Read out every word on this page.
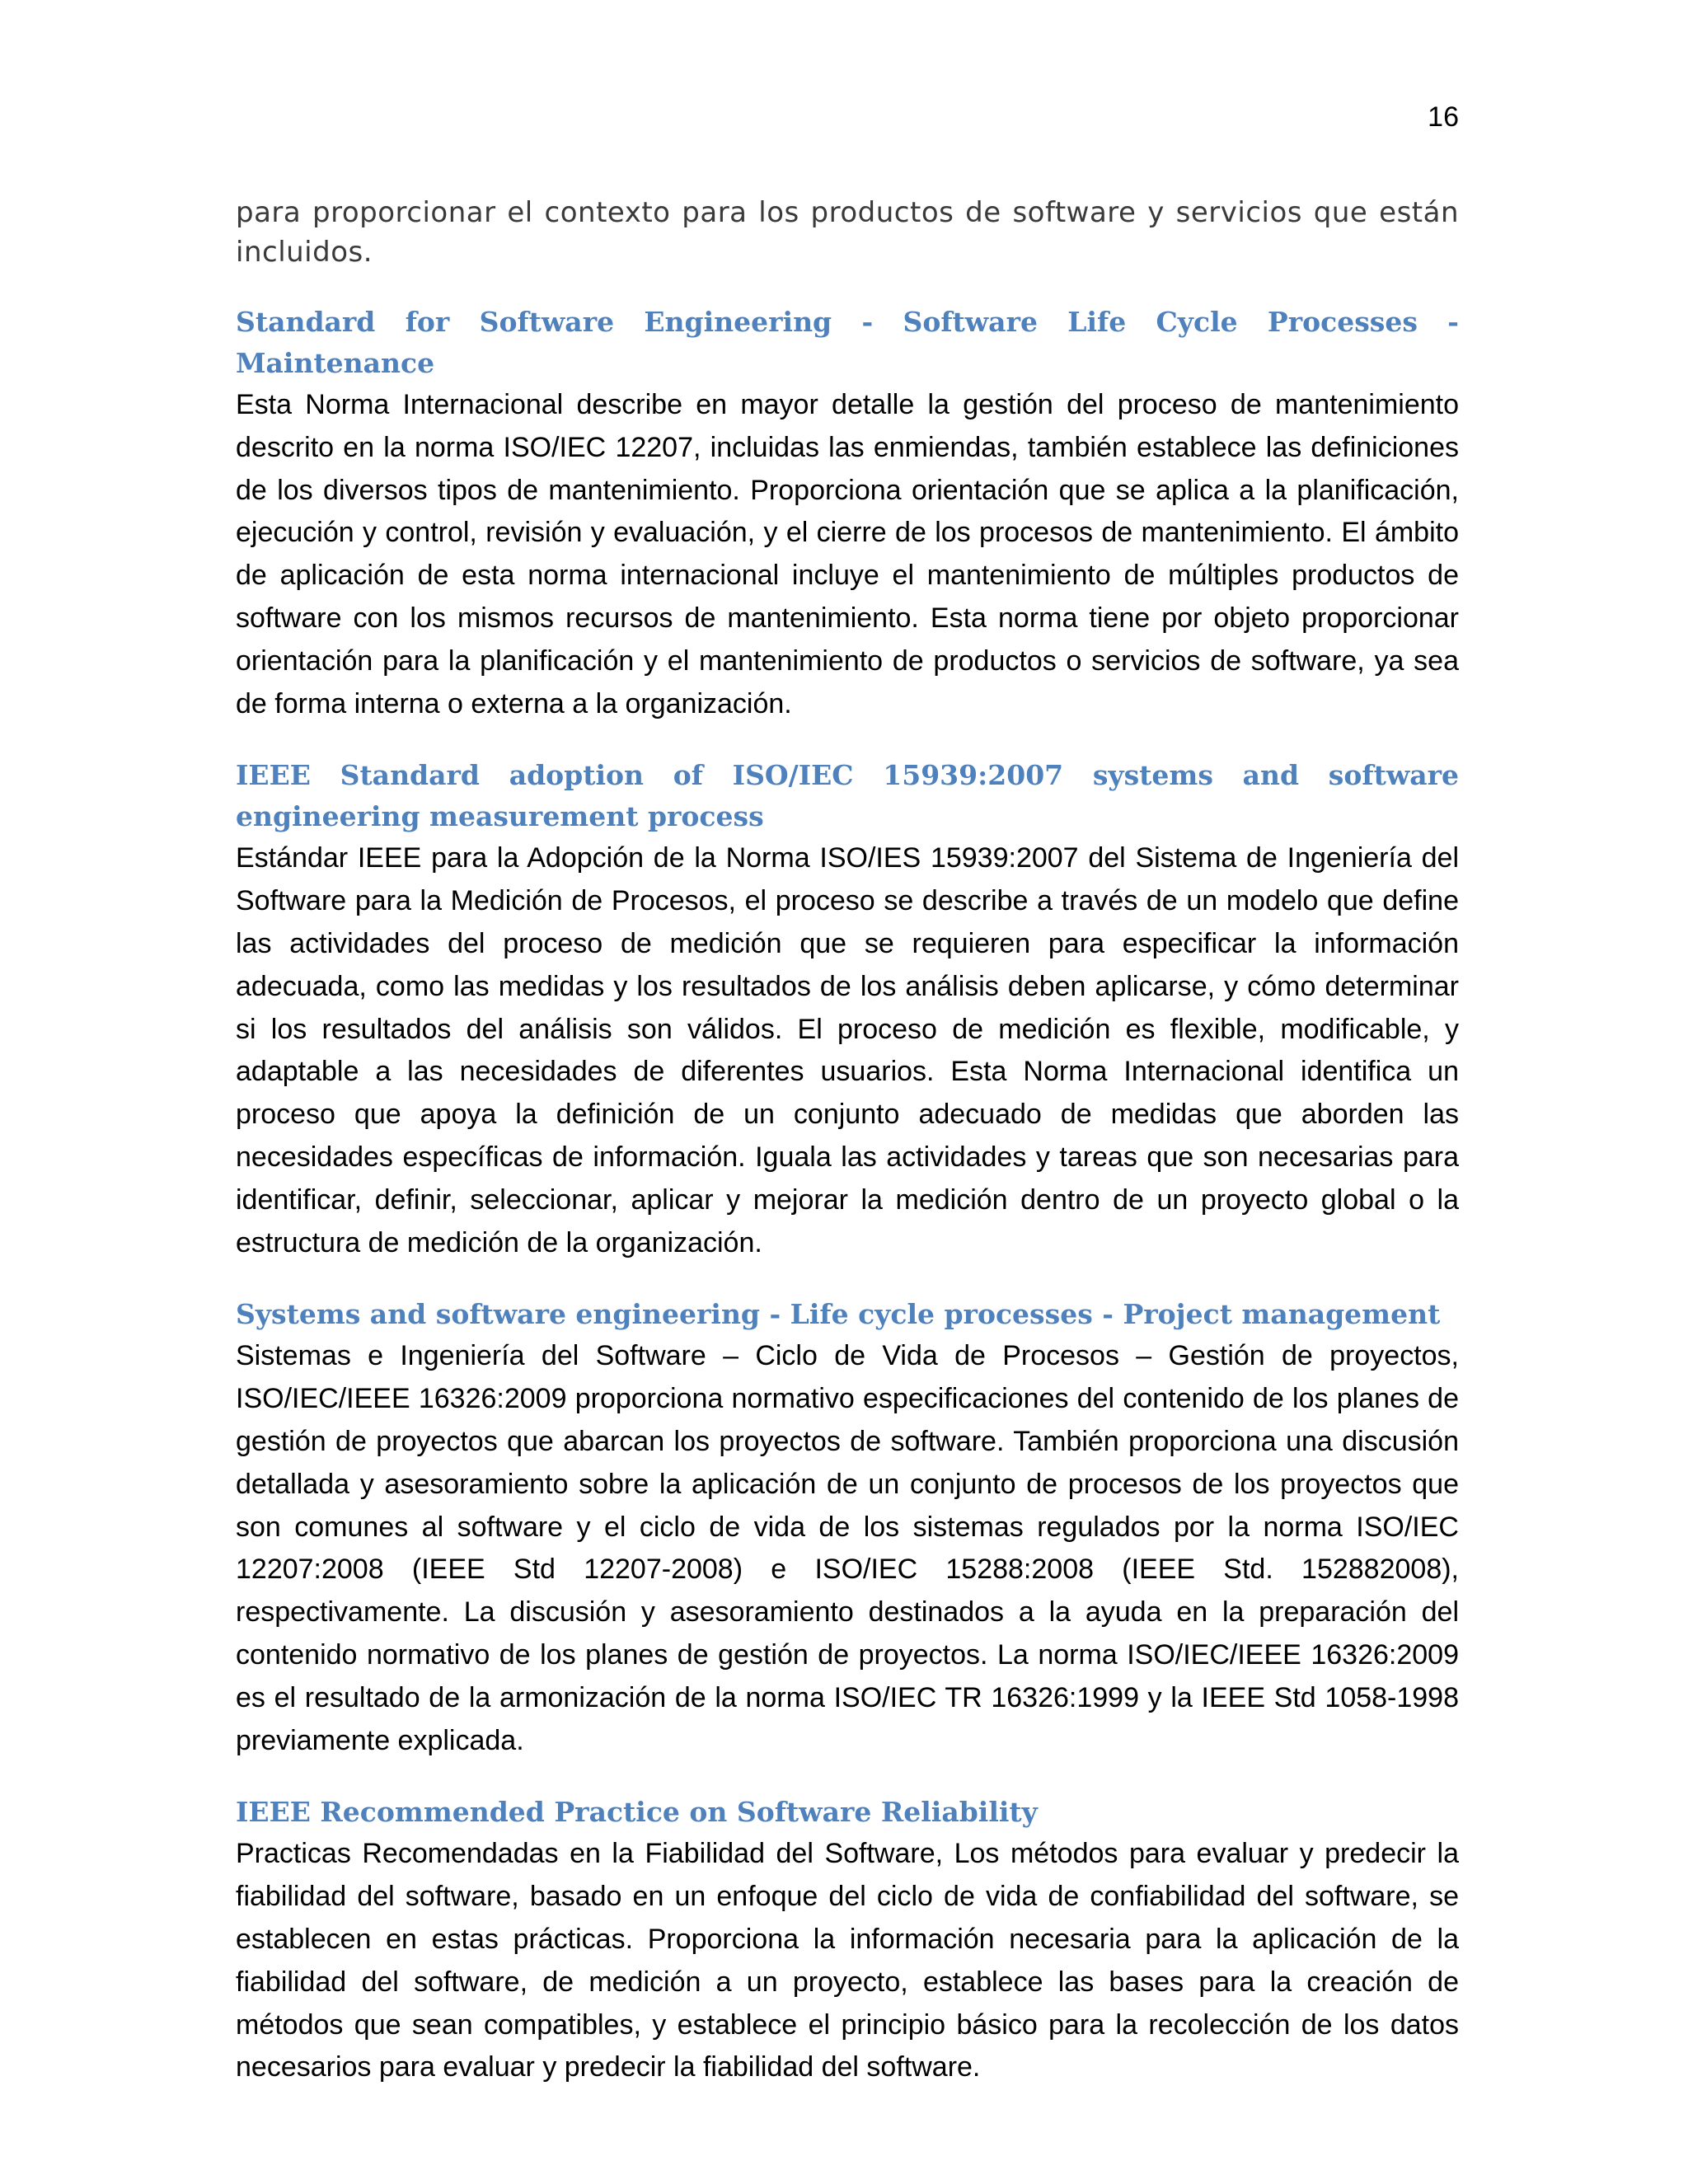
16

para proporcionar el contexto para los productos de software y servicios que están incluidos.

Standard for Software Engineering - Software Life Cycle Processes - Maintenance

Esta Norma Internacional describe en mayor detalle la gestión del proceso de mantenimiento descrito en la norma ISO/IEC 12207, incluidas las enmiendas, también establece las definiciones de los diversos tipos de mantenimiento. Proporciona orientación que se aplica a la planificación, ejecución y control, revisión y evaluación, y el cierre de los procesos de mantenimiento. El ámbito de aplicación de esta norma internacional incluye el mantenimiento de múltiples productos de software con los mismos recursos de mantenimiento. Esta norma tiene por objeto proporcionar orientación para la planificación y el mantenimiento de productos o servicios de software, ya sea de forma interna o externa a la organización.

IEEE Standard adoption of ISO/IEC 15939:2007 systems and software engineering measurement process

Estándar IEEE para la Adopción de la Norma ISO/IES 15939:2007 del Sistema de Ingeniería del Software para la Medición de Procesos, el proceso se describe a través de un modelo que define las actividades del proceso de medición que se requieren para especificar la información adecuada, como las medidas y los resultados de los análisis deben aplicarse, y cómo determinar si los resultados del análisis son válidos. El proceso de medición es flexible, modificable, y adaptable a las necesidades de diferentes usuarios. Esta Norma Internacional identifica un proceso que apoya la definición de un conjunto adecuado de medidas que aborden las necesidades específicas de información. Iguala las actividades y tareas que son necesarias para identificar, definir, seleccionar, aplicar y mejorar la medición dentro de un proyecto global o la estructura de medición de la organización.

Systems and software engineering - Life cycle processes - Project management

Sistemas e Ingeniería del Software – Ciclo de Vida de Procesos – Gestión de proyectos, ISO/IEC/IEEE 16326:2009 proporciona normativo especificaciones del contenido de los planes de gestión de proyectos que abarcan los proyectos de software. También proporciona una discusión detallada y asesoramiento sobre la aplicación de un conjunto de procesos de los proyectos que son comunes al software y el ciclo de vida de los sistemas regulados por la norma ISO/IEC 12207:2008 (IEEE Std 12207-2008) e ISO/IEC 15288:2008 (IEEE Std. 152882008), respectivamente. La discusión y asesoramiento destinados a la ayuda en la preparación del contenido normativo de los planes de gestión de proyectos. La norma ISO/IEC/IEEE 16326:2009 es el resultado de la armonización de la norma ISO/IEC TR 16326:1999 y la IEEE Std 1058-1998 previamente explicada.

IEEE Recommended Practice on Software Reliability

Practicas Recomendadas en la Fiabilidad del Software, Los métodos para evaluar y predecir la fiabilidad del software, basado en un enfoque del ciclo de vida de confiabilidad del software, se establecen en estas prácticas. Proporciona la información necesaria para la aplicación de la fiabilidad del software, de medición a un proyecto, establece las bases para la creación de métodos que sean compatibles, y establece el principio básico para la recolección de los datos necesarios para evaluar y predecir la fiabilidad del software.
